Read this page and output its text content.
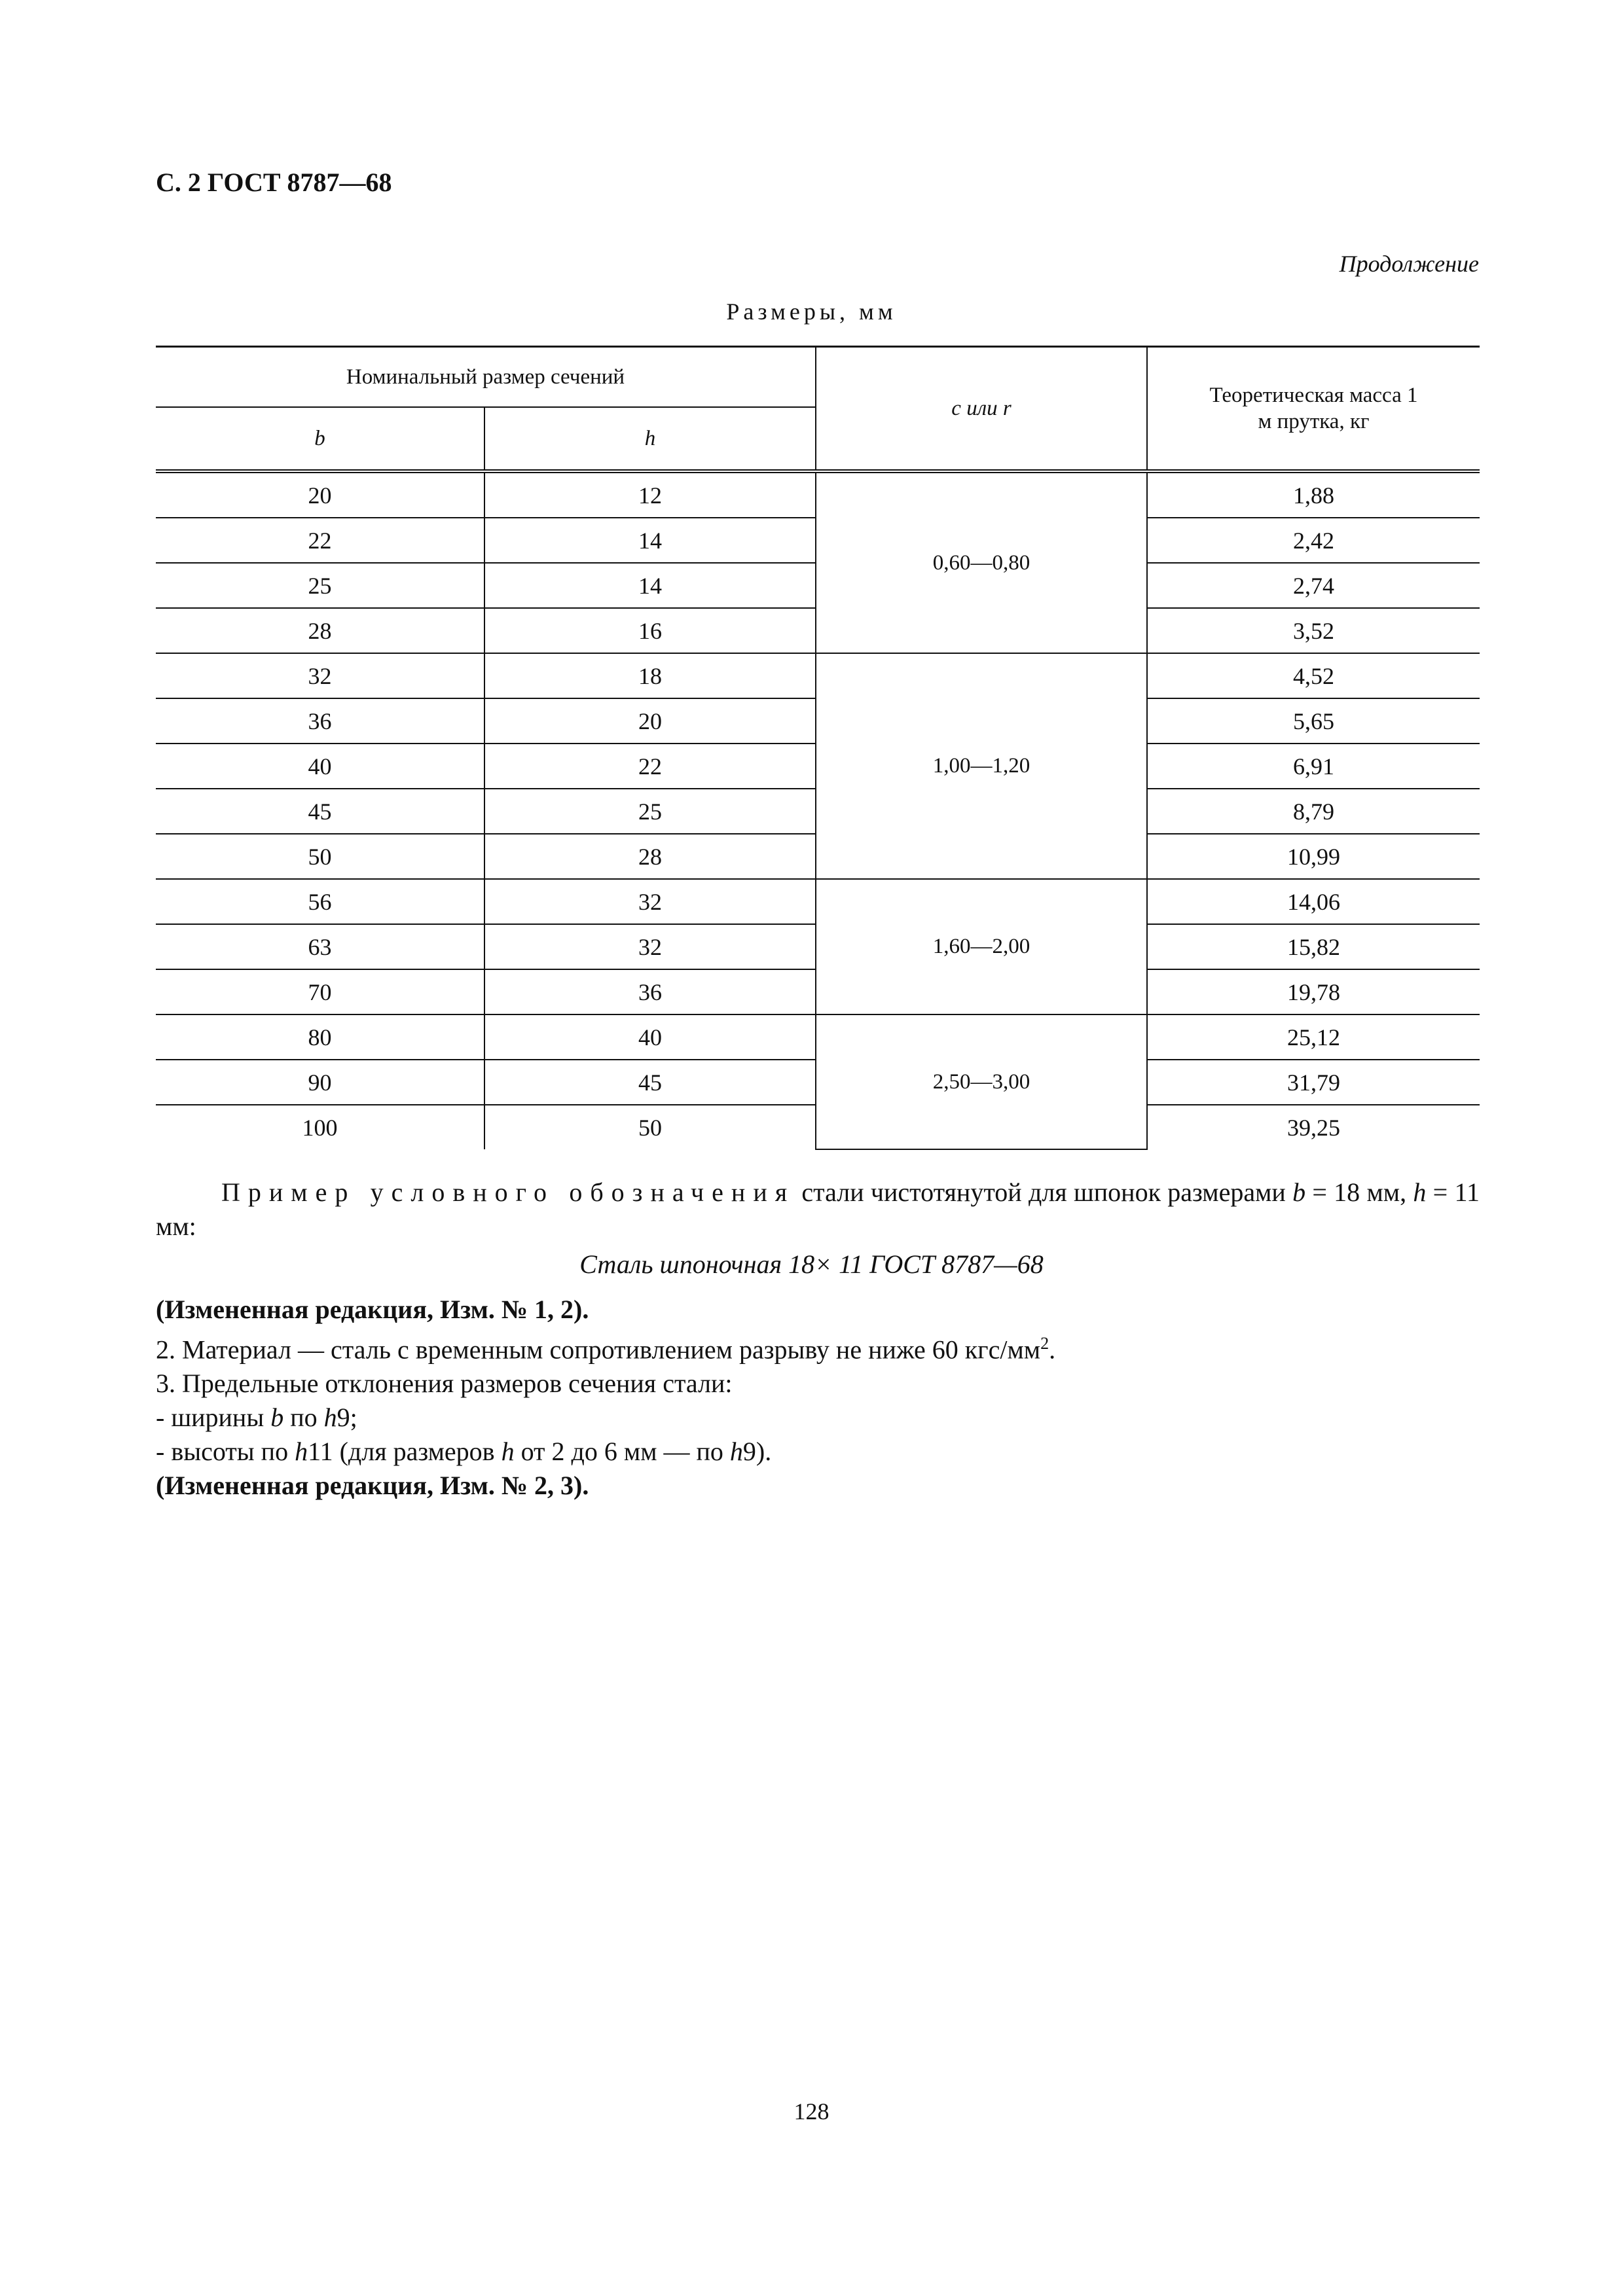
С. 2 ГОСТ 8787—68
Продолжение
Размеры, мм
Номинальный размер сечений		c или r	Теоретическая масса 1 м прутка, кг

b	h		
20	12	0,60—0,80	1,88
22	14		2,42
25	14		2,74
28	16		3,52
32	18	1,00—1,20	4,52
36	20		5,65
40	22		6,91
45	25		8,79
50	28		10,99
56	32	1,60—2,00	14,06
63	32		15,82
70	36		19,78
80	40	2,50—3,00	25,12
90	45		31,79
100	50		39,25
Пример условного обозначения стали чистотянутой для шпонок размерами b = 18 мм, h = 11 мм:
Сталь шпоночная 18× 11 ГОСТ 8787—68
(Измененная редакция, Изм. № 1, 2).
2. Материал — сталь с временным сопротивлением разрыву не ниже 60 кгс/$мм^2$.
3. Предельные отклонения размеров сечения стали:
- ширины b по h9;
- высоты по h11 (для размеров h от 2 до 6 мм — по h9).
(Измененная редакция, Изм. № 2, 3).
128
